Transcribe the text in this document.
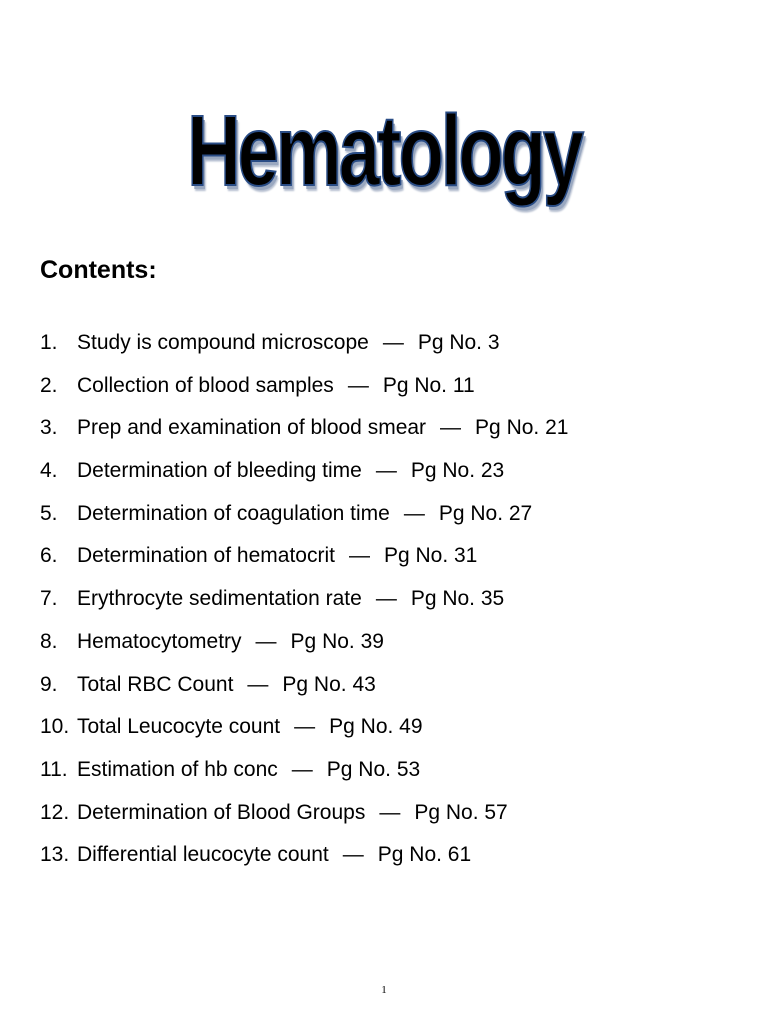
Hematology
Contents:
1. Study is compound microscope — Pg No. 3
2. Collection of blood samples — Pg No. 11
3. Prep and examination of blood smear — Pg No. 21
4. Determination of bleeding time — Pg No. 23
5. Determination of coagulation time — Pg No. 27
6. Determination of hematocrit — Pg No. 31
7. Erythrocyte sedimentation rate — Pg No. 35
8. Hematocytometry — Pg No. 39
9. Total RBC Count — Pg No. 43
10. Total Leucocyte count — Pg No. 49
11. Estimation of hb conc — Pg No. 53
12. Determination of Blood Groups — Pg No. 57
13. Differential leucocyte count — Pg No. 61
1
